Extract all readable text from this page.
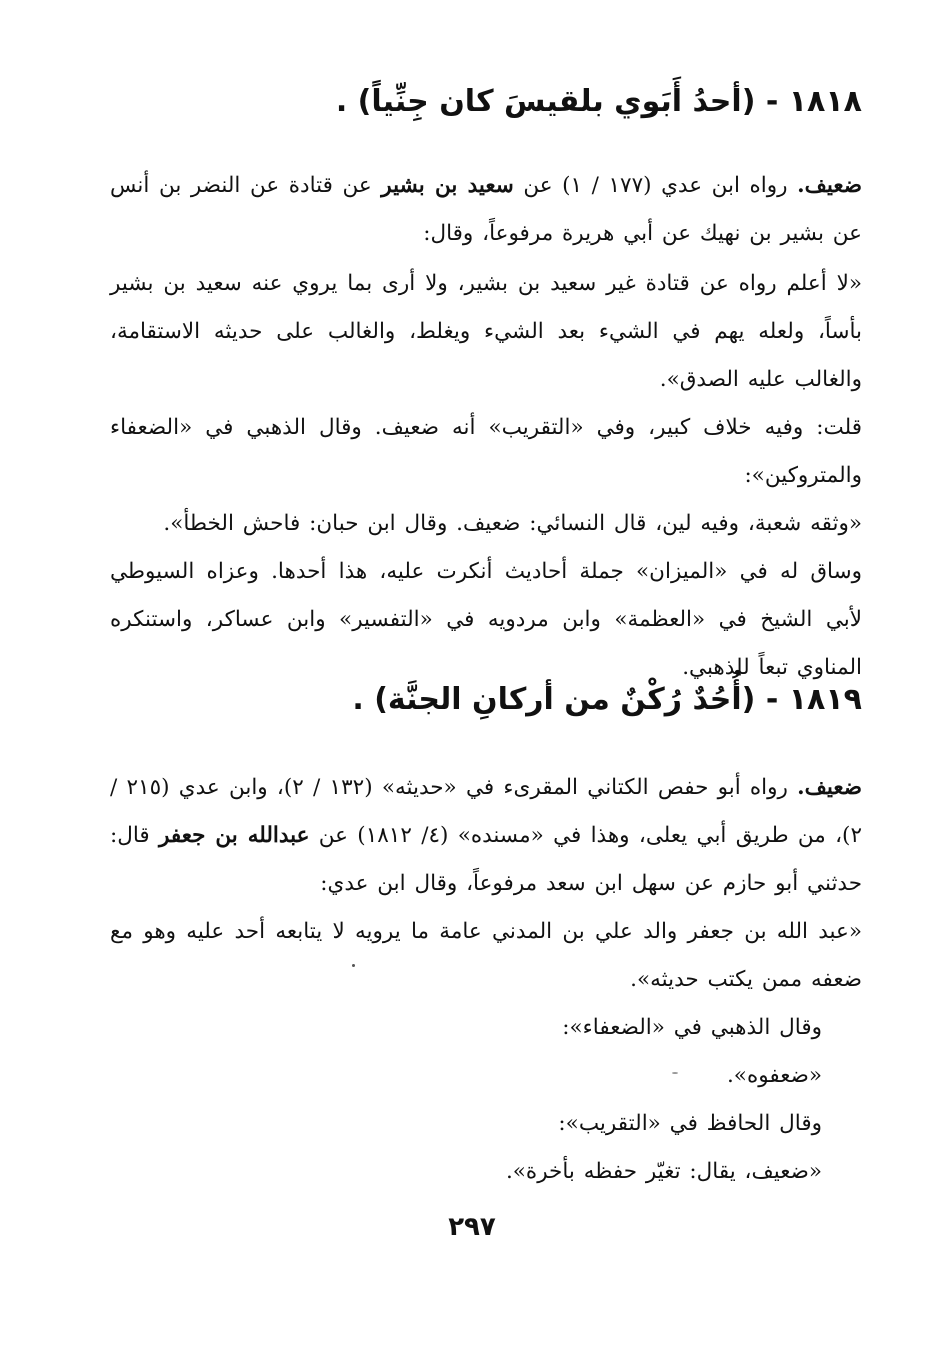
١٨١٨ - (أحدُ أَبَوي بلقيسَ كان جِنِّياً) .
ضعيف. رواه ابن عدي (١٧٧ / ١) عن سعيد بن بشير عن قتادة عن النضر بن أنس عن بشير بن نهيك عن أبي هريرة مرفوعاً، وقال:
«لا أعلم رواه عن قتادة غير سعيد بن بشير، ولا أرى بما يروي عنه سعيد بن بشير بأساً، ولعله يهم في الشيء بعد الشيء ويغلط، والغالب على حديثه الاستقامة، والغالب عليه الصدق».
قلت: وفيه خلاف كبير، وفي «التقريب» أنه ضعيف. وقال الذهبي في «الضعفاء والمتروكين»:
«وثقه شعبة، وفيه لين، قال النسائي: ضعيف. وقال ابن حبان: فاحش الخطأ».
وساق له في «الميزان» جملة أحاديث أنكرت عليه، هذا أحدها. وعزاه السيوطي لأبي الشيخ في «العظمة» وابن مردويه في «التفسير» وابن عساكر، واستنكره المناوي تبعاً للذهبي.
١٨١٩ - (أُحُدٌ رُكْنٌ من أركانِ الجنَّة) .
ضعيف. رواه أبو حفص الكتاني المقرىء في «حديثه» (١٣٢ / ٢)، وابن عدي (٢١٥ / ٢)، من طريق أبي يعلى، وهذا في «مسنده» (٤/ ١٨١٢) عن عبدالله بن جعفر قال: حدثني أبو حازم عن سهل ابن سعد مرفوعاً، وقال ابن عدي:
«عبد الله بن جعفر والد علي بن المدني عامة ما يرويه لا يتابعه أحد عليه وهو مع ضعفه ممن يكتب حديثه».
وقال الذهبي في «الضعفاء»:
«ضعفوه».
وقال الحافظ في «التقريب»:
«ضعيف، يقال: تغيّر حفظه بأخرة».
٢٩٧
